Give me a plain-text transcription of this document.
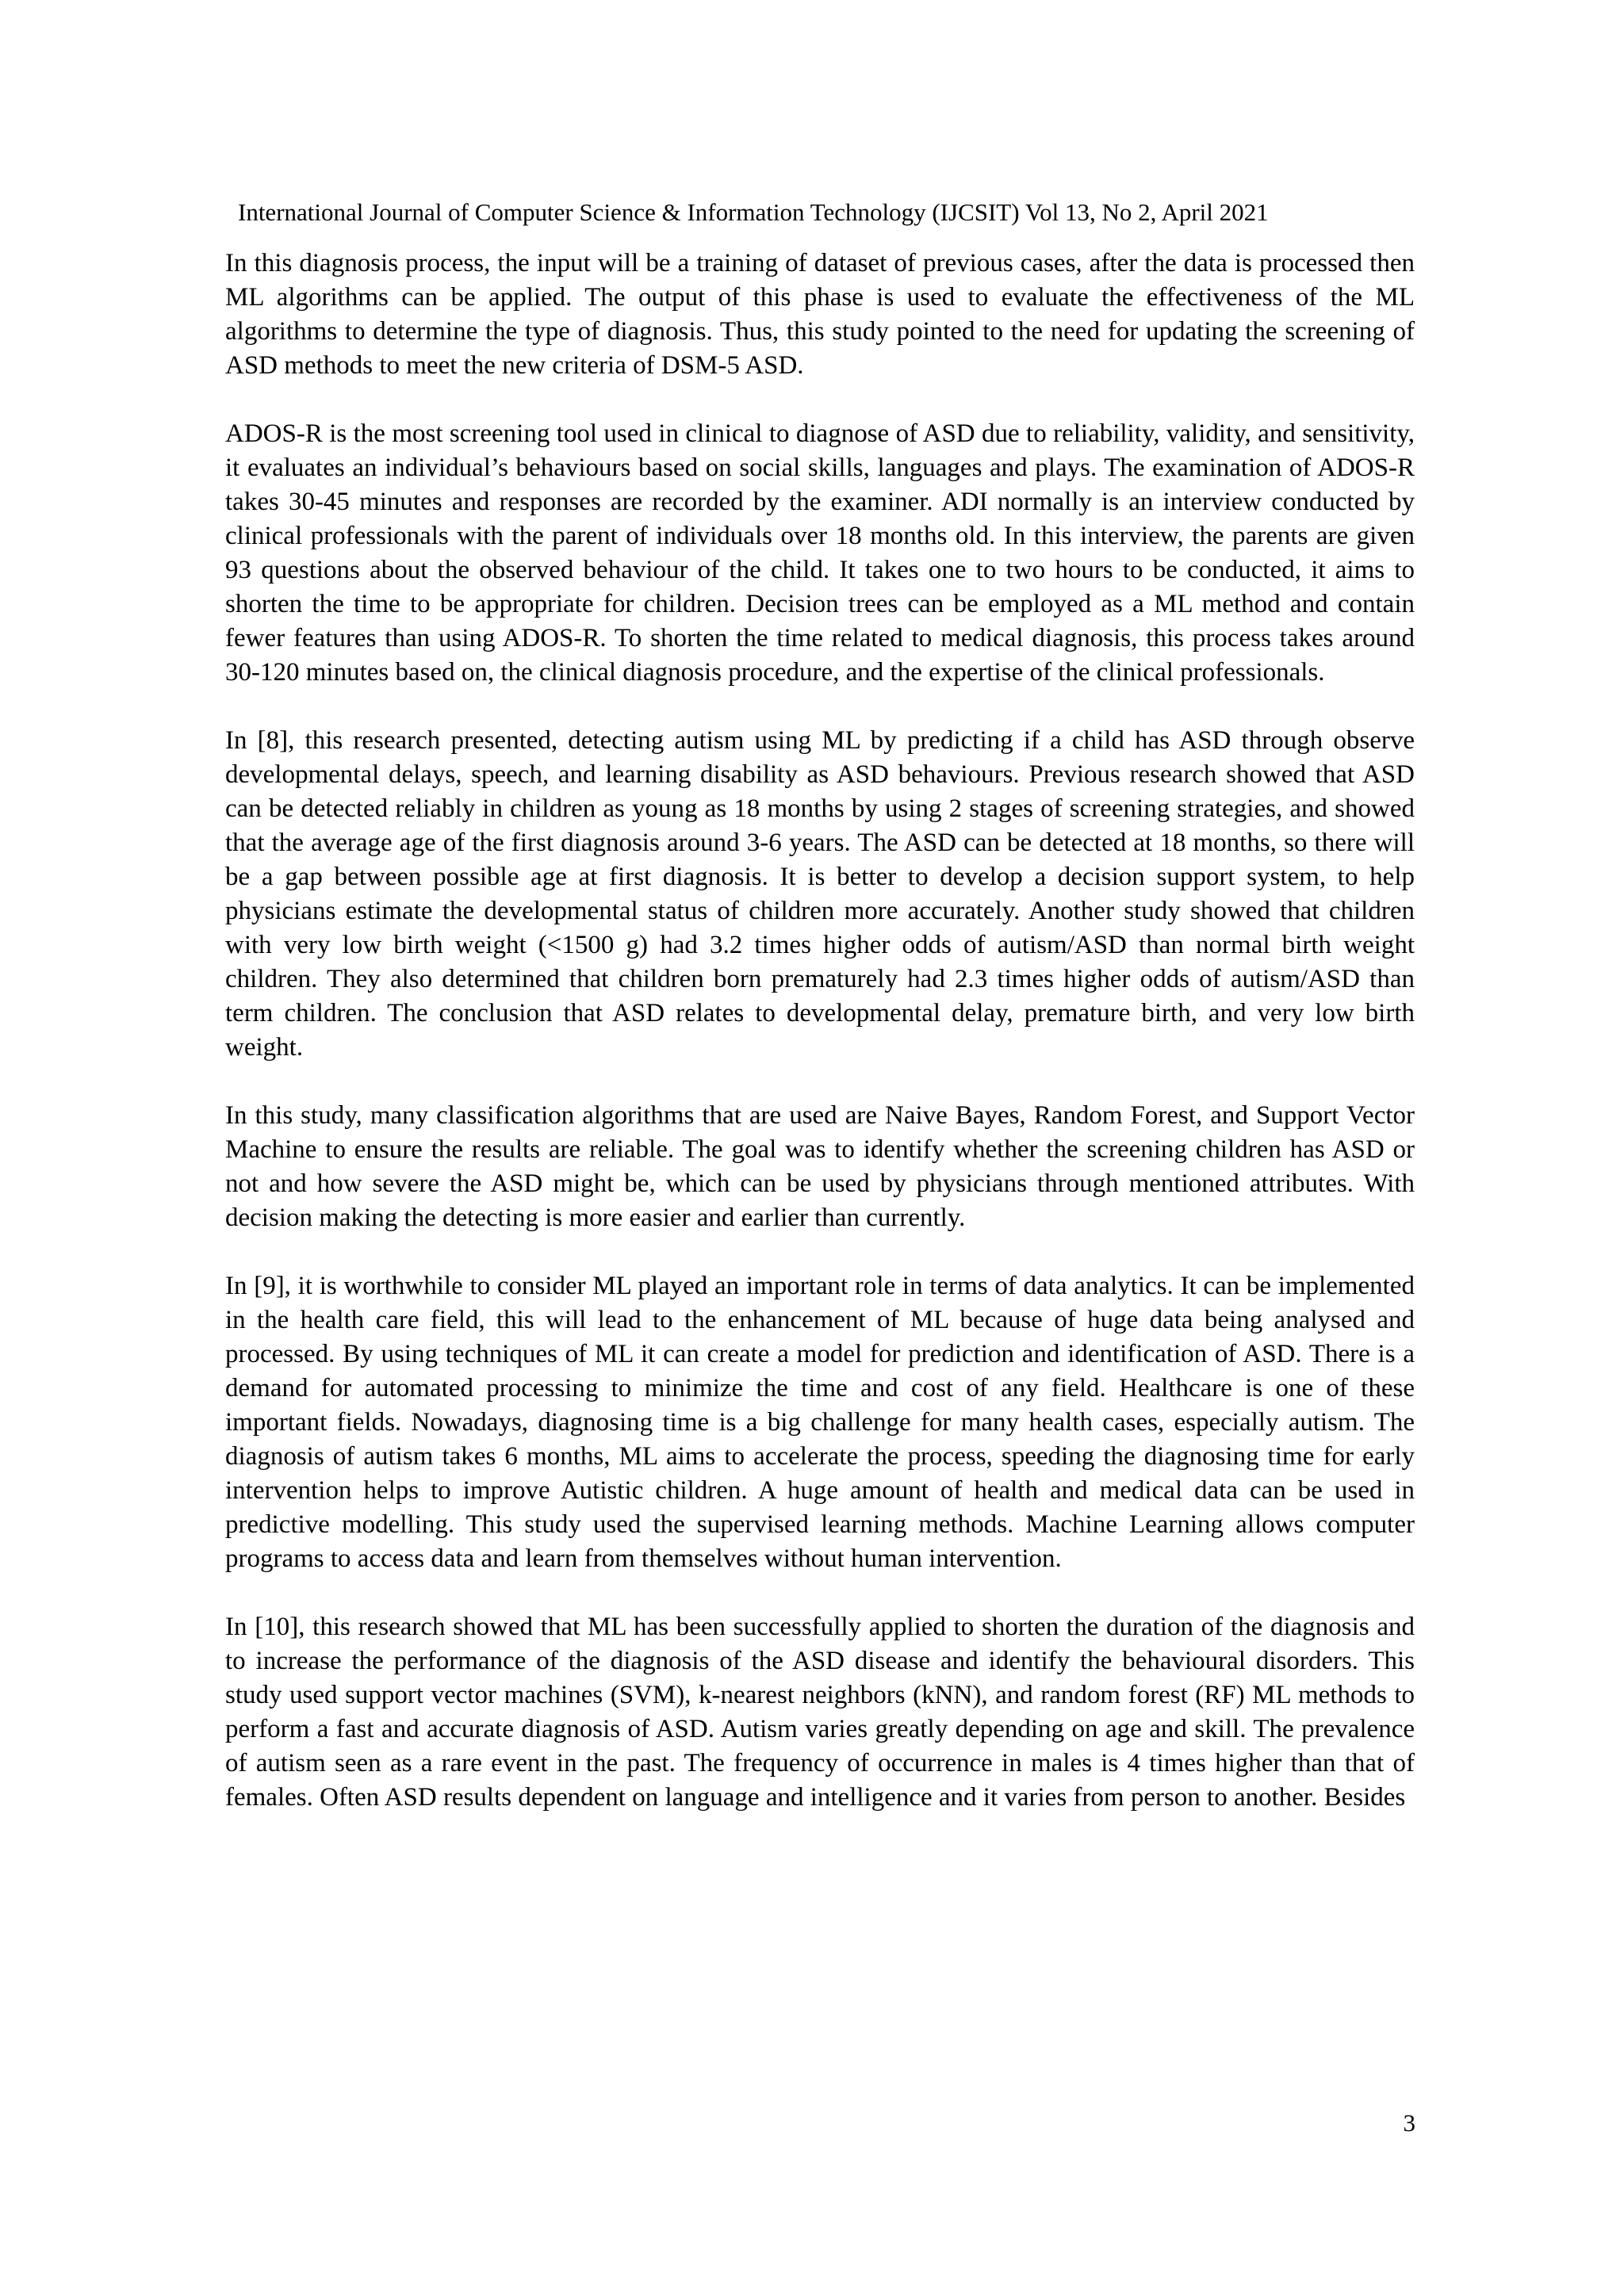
International Journal of Computer Science & Information Technology (IJCSIT) Vol 13, No 2, April 2021

In this diagnosis process, the input will be a training of dataset of previous cases, after the data is processed then ML algorithms can be applied. The output of this phase is used to evaluate the effectiveness of the ML algorithms to determine the type of diagnosis. Thus, this study pointed to the need for updating the screening of ASD methods to meet the new criteria of DSM-5 ASD.

ADOS-R is the most screening tool used in clinical to diagnose of ASD due to reliability, validity, and sensitivity, it evaluates an individual’s behaviours based on social skills, languages and plays. The examination of ADOS-R takes 30-45 minutes and responses are recorded by the examiner. ADI normally is an interview conducted by clinical professionals with the parent of individuals over 18 months old. In this interview, the parents are given 93 questions about the observed behaviour of the child. It takes one to two hours to be conducted, it aims to shorten the time to be appropriate for children. Decision trees can be employed as a ML method and contain fewer features than using ADOS-R. To shorten the time related to medical diagnosis, this process takes around 30-120 minutes based on, the clinical diagnosis procedure, and the expertise of the clinical professionals.

In [8], this research presented, detecting autism using ML by predicting if a child has ASD through observe developmental delays, speech, and learning disability as ASD behaviours. Previous research showed that ASD can be detected reliably in children as young as 18 months by using 2 stages of screening strategies, and showed that the average age of the first diagnosis around 3-6 years. The ASD can be detected at 18 months, so there will be a gap between possible age at first diagnosis. It is better to develop a decision support system, to help physicians estimate the developmental status of children more accurately. Another study showed that children with very low birth weight (<1500 g) had 3.2 times higher odds of autism/ASD than normal birth weight children. They also determined that children born prematurely had 2.3 times higher odds of autism/ASD than term children. The conclusion that ASD relates to developmental delay, premature birth, and very low birth weight.

In this study, many classification algorithms that are used are Naive Bayes, Random Forest, and Support Vector Machine to ensure the results are reliable. The goal was to identify whether the screening children has ASD or not and how severe the ASD might be, which can be used by physicians through mentioned attributes. With decision making the detecting is more easier and earlier than currently.

In [9], it is worthwhile to consider ML played an important role in terms of data analytics. It can be implemented in the health care field, this will lead to the enhancement of ML because of huge data being analysed and processed. By using techniques of ML it can create a model for prediction and identification of ASD. There is a demand for automated processing to minimize the time and cost of any field. Healthcare is one of these important fields. Nowadays, diagnosing time is a big challenge for many health cases, especially autism. The diagnosis of autism takes 6 months, ML aims to accelerate the process, speeding the diagnosing time for early intervention helps to improve Autistic children. A huge amount of health and medical data can be used in predictive modelling. This study used the supervised learning methods. Machine Learning allows computer programs to access data and learn from themselves without human intervention.

In [10], this research showed that ML has been successfully applied to shorten the duration of the diagnosis and to increase the performance of the diagnosis of the ASD disease and identify the behavioural disorders. This study used support vector machines (SVM), k-nearest neighbors (kNN), and random forest (RF) ML methods to perform a fast and accurate diagnosis of ASD. Autism varies greatly depending on age and skill. The prevalence of autism seen as a rare event in the past. The frequency of occurrence in males is 4 times higher than that of females. Often ASD results dependent on language and intelligence and it varies from person to another. Besides

3
